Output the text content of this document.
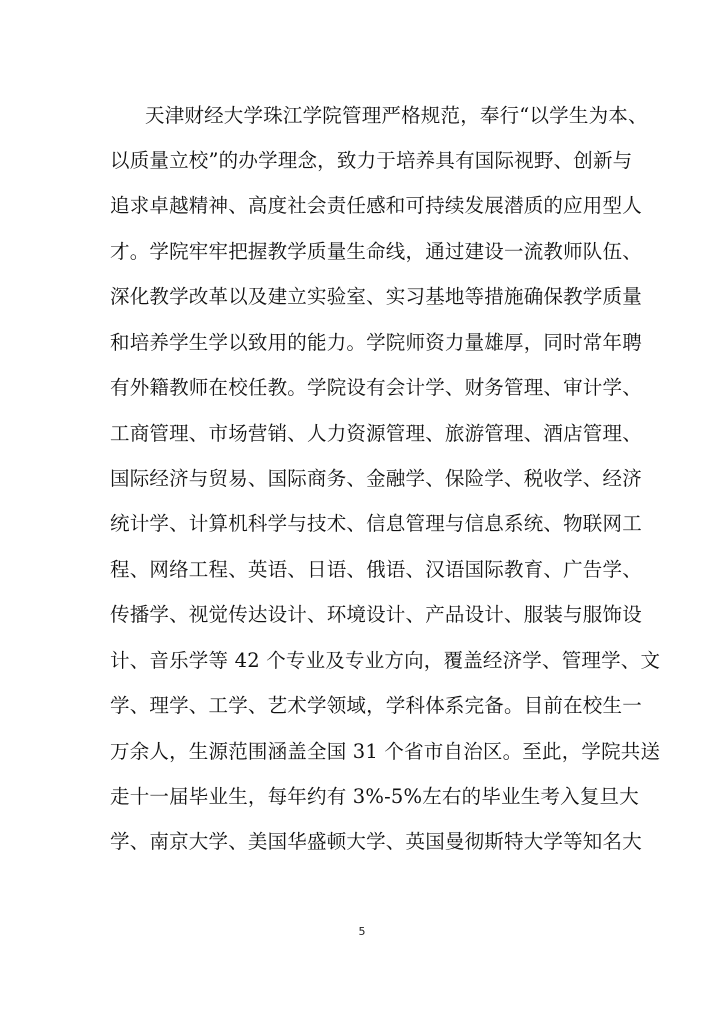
天津财经大学珠江学院管理严格规范，奉行“以学生为本、
以质量立校”的办学理念，致力于培养具有国际视野、创新与
追求卓越精神、高度社会责任感和可持续发展潜质的应用型人
才。学院牢牢把握教学质量生命线，通过建设一流教师队伍、
深化教学改革以及建立实验室、实习基地等措施确保教学质量
和培养学生学以致用的能力。学院师资力量雄厚，同时常年聘
有外籍教师在校任教。学院设有会计学、财务管理、审计学、
工商管理、市场营销、人力资源管理、旅游管理、酒店管理、
国际经济与贸易、国际商务、金融学、保险学、税收学、经济
统计学、计算机科学与技术、信息管理与信息系统、物联网工
程、网络工程、英语、日语、俄语、汉语国际教育、广告学、
传播学、视觉传达设计、环境设计、产品设计、服装与服饰设
计、音乐学等 42 个专业及专业方向，覆盖经济学、管理学、文
学、理学、工学、艺术学领域，学科体系完备。目前在校生一
万余人，生源范围涵盖全国 31 个省市自治区。至此，学院共送
走十一届毕业生，每年约有 3%-5%左右的毕业生考入复旦大
学、南京大学、美国华盛顿大学、英国曼彻斯特大学等知名大
5
